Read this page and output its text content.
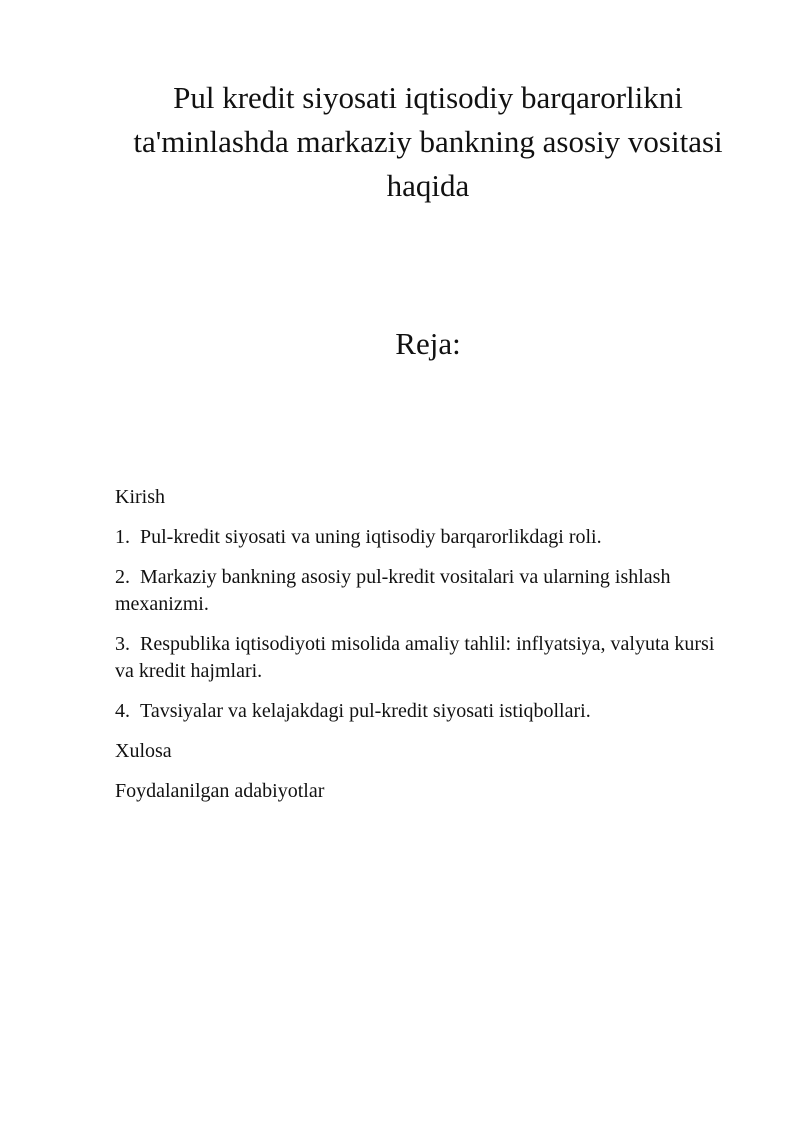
Pul kredit siyosati iqtisodiy barqarorlikni ta'minlashda markaziy bankning asosiy vositasi haqida
Reja:
Kirish
1. Pul-kredit siyosati va uning iqtisodiy barqarorlikdagi roli.
2. Markaziy bankning asosiy pul-kredit vositalari va ularning ishlash mexanizmi.
3. Respublika iqtisodiyoti misolida amaliy tahlil: inflyatsiya, valyuta kursi va kredit hajmlari.
4. Tavsiyalar va kelajakdagi pul-kredit siyosati istiqbollari.
Xulosa
Foydalanilgan adabiyotlar
